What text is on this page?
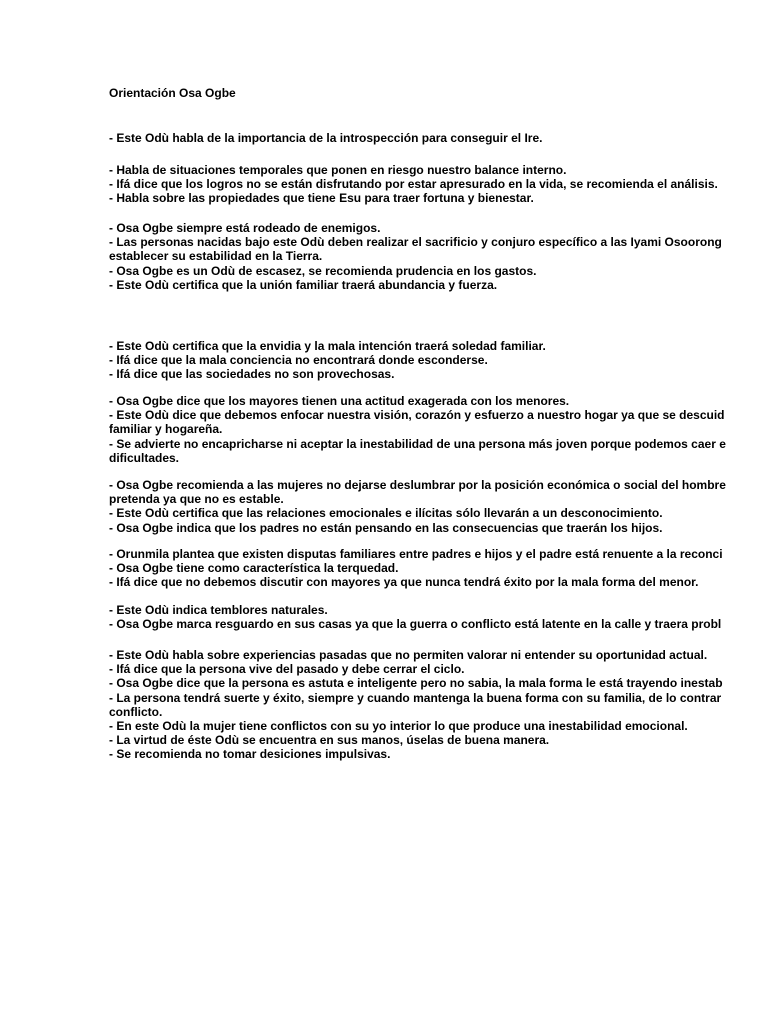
Orientación Osa Ogbe
- Este Odù habla de la importancia de la introspección para conseguir el Ire.
- Habla de situaciones temporales que ponen en riesgo nuestro balance interno.
- Ifá dice que los logros no se están disfrutando por estar apresurado en la vida, se recomienda el análisis.
- Habla sobre las propiedades que tiene Esu para traer fortuna y bienestar.
- Osa Ogbe siempre está rodeado de enemigos.
- Las personas nacidas bajo este Odù deben realizar el sacrificio y conjuro específico a las Iyami Osoorong
establecer su estabilidad en la Tierra.
- Osa Ogbe es un Odù de escasez, se recomienda prudencia en los gastos.
- Este Odù certifica que la unión familiar traerá abundancia y fuerza.
- Este Odù certifica que la envidia y la mala intención traerá soledad familiar.
- Ifá dice que la mala conciencia no encontrará donde esconderse.
- Ifá dice que las sociedades no son provechosas.
- Osa Ogbe dice que los mayores tienen una actitud exagerada con los menores.
- Este Odù dice que debemos enfocar nuestra visión, corazón y esfuerzo a nuestro hogar ya que se descuid
familiar y hogareña.
- Se advierte no encapricharse ni aceptar la inestabilidad de una persona más joven porque podemos caer e
dificultades.
- Osa Ogbe recomienda a las mujeres no dejarse deslumbrar por la posición económica o social del hombre
pretenda ya que no es estable.
- Este Odù certifica que las relaciones emocionales e ilícitas sólo llevarán a un desconocimiento.
- Osa Ogbe indica que los padres no están pensando en las consecuencias que traerán los hijos.
- Orunmila plantea que existen disputas familiares entre padres e hijos y el padre está renuente a la reconci
- Osa Ogbe tiene como característica la terquedad.
- Ifá dice que no debemos discutir con mayores ya que nunca tendrá éxito por la mala forma del menor.
- Este Odù indica temblores naturales.
- Osa Ogbe marca resguardo en sus casas ya que la guerra o conflicto está latente en la calle y traera probl
- Este Odù habla sobre experiencias pasadas que no permiten valorar ni entender su oportunidad actual.
- Ifá dice que la persona vive del pasado y debe cerrar el ciclo.
- Osa Ogbe dice que la persona es astuta e inteligente pero no sabia, la mala forma le está trayendo inestab
- La persona tendrá suerte y éxito, siempre y cuando mantenga la buena forma con su familia, de lo contrar
conflicto.
- En este Odù la mujer tiene conflictos con su yo interior lo que produce una inestabilidad emocional.
- La virtud de éste Odù se encuentra en sus manos, úselas de buena manera.
- Se recomienda no tomar desiciones impulsivas.
